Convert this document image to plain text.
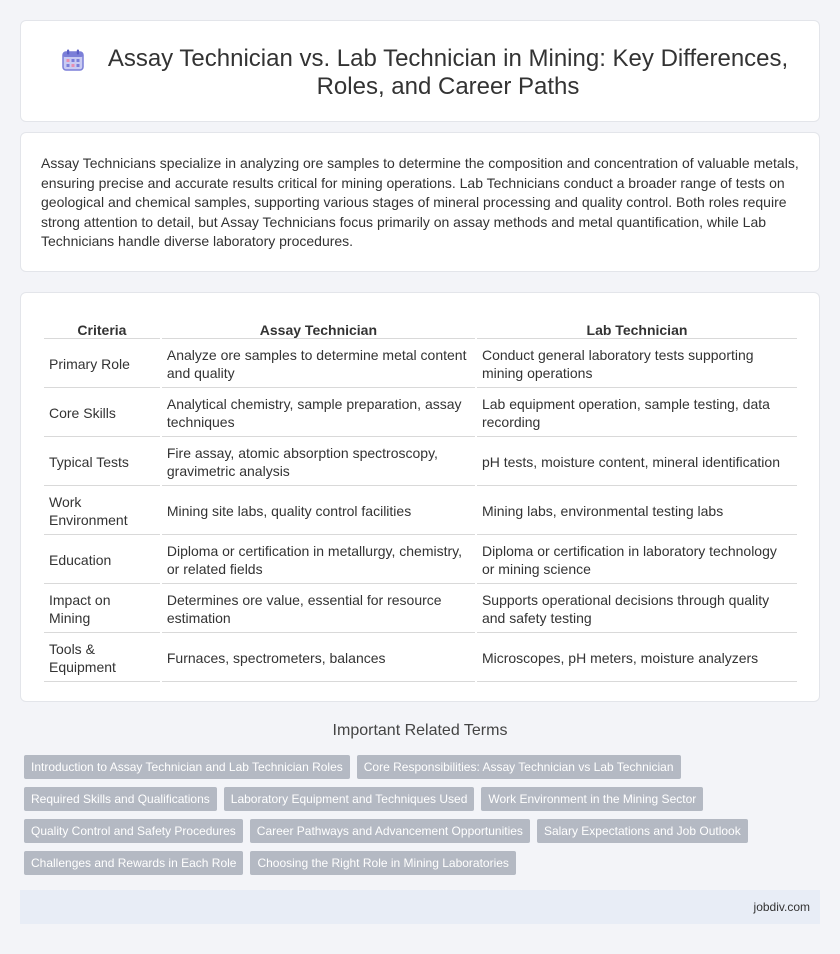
Assay Technician vs. Lab Technician in Mining: Key Differences, Roles, and Career Paths

Assay Technicians specialize in analyzing ore samples to determine the composition and concentration of valuable metals, ensuring precise and accurate results critical for mining operations. Lab Technicians conduct a broader range of tests on geological and chemical samples, supporting various stages of mineral processing and quality control. Both roles require strong attention to detail, but Assay Technicians focus primarily on assay methods and metal quantification, while Lab Technicians handle diverse laboratory procedures.

Criteria	Assay Technician	Lab Technician
Primary Role	Analyze ore samples to determine metal content and quality	Conduct general laboratory tests supporting mining operations
Core Skills	Analytical chemistry, sample preparation, assay techniques	Lab equipment operation, sample testing, data recording
Typical Tests	Fire assay, atomic absorption spectroscopy, gravimetric analysis	pH tests, moisture content, mineral identification
Work Environment	Mining site labs, quality control facilities	Mining labs, environmental testing labs
Education	Diploma or certification in metallurgy, chemistry, or related fields	Diploma or certification in laboratory technology or mining science
Impact on Mining	Determines ore value, essential for resource estimation	Supports operational decisions through quality and safety testing
Tools & Equipment	Furnaces, spectrometers, balances	Microscopes, pH meters, moisture analyzers
Important Related Terms
Introduction to Assay Technician and Lab Technician Roles	Core Responsibilities: Assay Technician vs Lab Technician
Required Skills and Qualifications	Laboratory Equipment and Techniques Used	Work Environment in the Mining Sector
Quality Control and Safety Procedures	Career Pathways and Advancement Opportunities	Salary Expectations and Job Outlook
Challenges and Rewards in Each Role	Choosing the Right Role in Mining Laboratories
jobdiv.com
